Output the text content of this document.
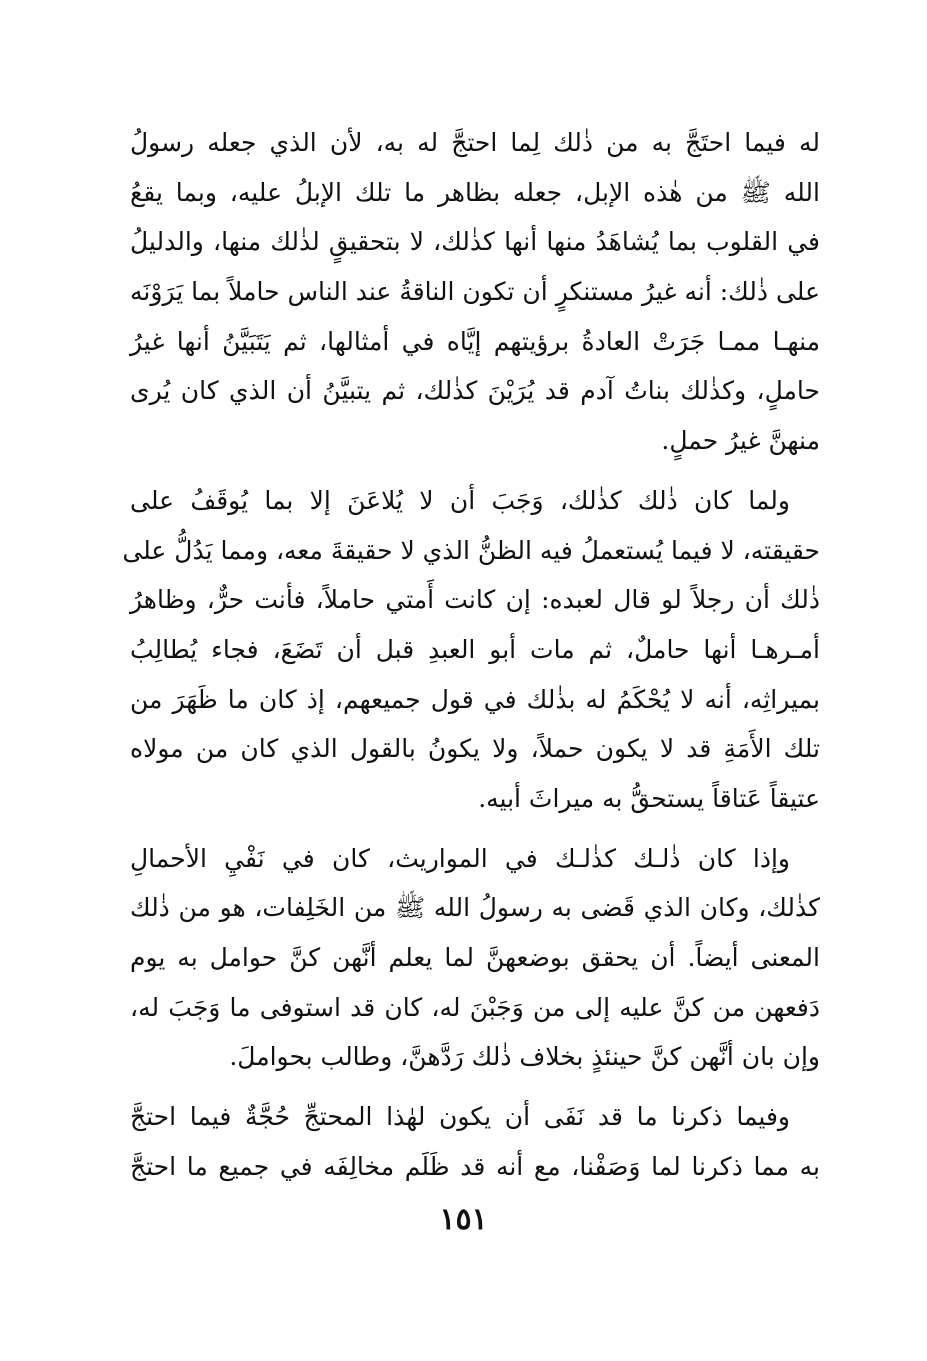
له فيما احتَجَّ به من ذٰلك لِما احتجَّ له به، لأن الذي جعله رسولُ
الله ﷺ من هٰذه الإبل، جعله بظاهر ما تلك الإبلُ عليه، وبما يقعُ
في القلوب بما يُشاهَدُ منها أنها كذٰلك، لا بتحقيقٍ لذٰلك منها، والدليلُ
على ذٰلك: أنه غيرُ مستنكرٍ أن تكون الناقةُ عند الناس حاملاً بما يَرَوْنَه
منهـا ممـا جَرَتْ العادةُ برؤيتهم إيَّاه في أمثالها، ثم يَتَبَيَّنُ أنها غيرُ
حاملٍ، وكذٰلك بناتُ آدم قد يُرَيْنَ كذٰلك، ثم يتبيَّنُ أن الذي كان يُرى
منهنَّ غيرُ حملٍ.
ولما كان ذٰلك كذٰلك، وَجَبَ أن لا يُلاعَنَ إلا بما يُوقَفُ على
حقيقته، لا فيما يُستعملُ فيه الظنُّ الذي لا حقيقةَ معه، ومما يَدُلُّ على
ذٰلك أن رجلاً لو قال لعبده: إن كانت أَمتي حاملاً، فأنت حرٌّ، وظاهرُ
أمـرهـا أنها حاملٌ، ثم مات أبو العبدِ قبل أن تَضَعَ، فجاء يُطالِبُ
بميراثِه، أنه لا يُحْكَمُ له بذٰلك في قول جميعهم، إذ كان ما ظَهَرَ من
تلك الأَمَةِ قد لا يكون حملاً، ولا يكونُ بالقول الذي كان من مولاه
عتيقاً عَتاقاً يستحقُّ به ميراثَ أبيه.
وإذا كان ذٰلـك كذٰلـك في المواريث، كان في نَفْيِ الأحمالِ
كذٰلك، وكان الذي قَضى به رسولُ الله ﷺ من الخَلِفات، هو من ذٰلك
المعنى أيضاً. أن يحقق بوضعهنَّ لما يعلم أنَّهن كنَّ حوامل به يوم
دَفعهن من كنَّ عليه إلى من وَجَبْنَ له، كان قد استوفى ما وَجَبَ له،
وإن بان أنَّهن كنَّ حينئذٍ بخلاف ذٰلك رَدَّهنَّ، وطالب بحواملَ.
وفيما ذكرنا ما قد نَفَى أن يكون لهٰذا المحتجِّ حُجَّةٌ فيما احتجَّ
به مما ذكرنا لما وَصَفْنا، مع أنه قد ظَلَم مخالِفَه في جميع ما احتجَّ
١٥١
